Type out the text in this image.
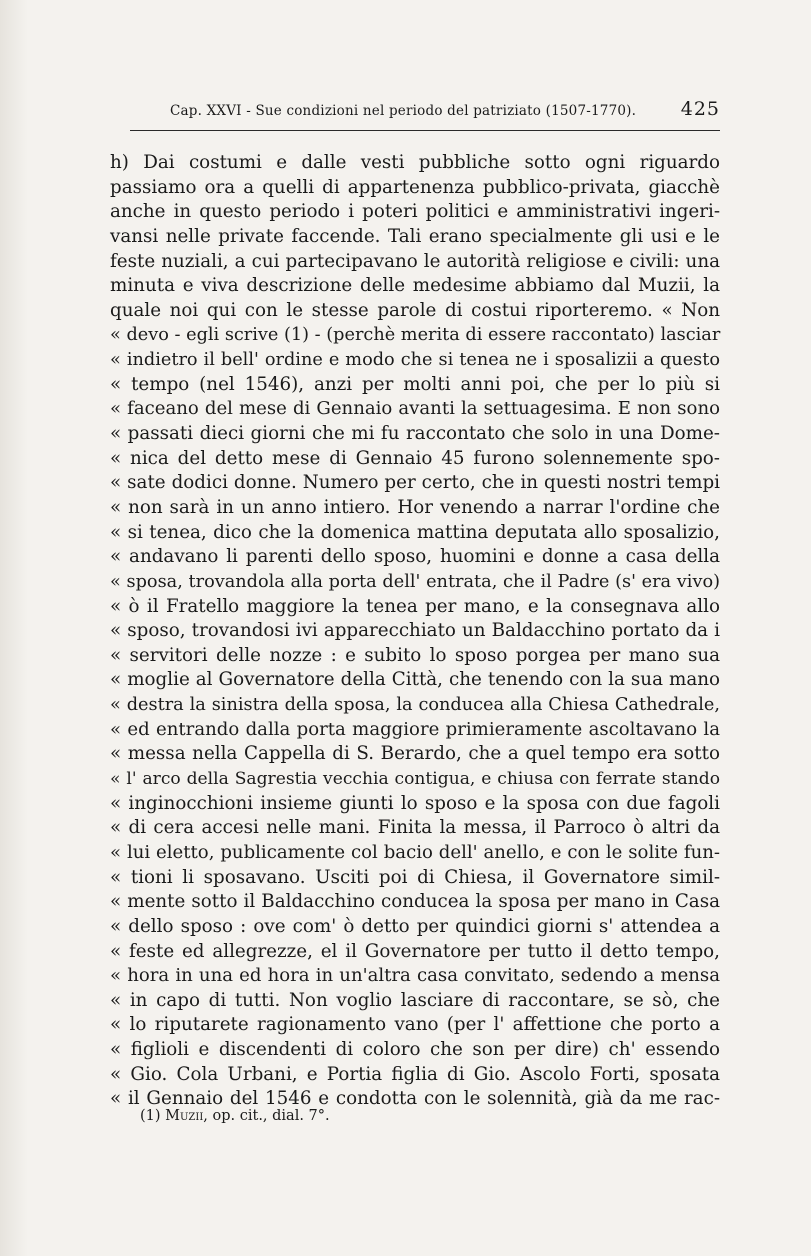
Cap. XXVI - Sue condizioni nel periodo del patriziato (1507-1770). 425
h) Dai costumi e dalle vesti pubbliche sotto ogni riguardo
passiamo ora a quelli di appartenenza pubblico-privata, giacchè
anche in questo periodo i poteri politici e amministrativi ingeri-
vansi nelle private faccende. Tali erano specialmente gli usi e le
feste nuziali, a cui partecipavano le autorità religiose e civili: una
minuta e viva descrizione delle medesime abbiamo dal Muzii, la
quale noi qui con le stesse parole di costui riporteremo. « Non
« devo - egli scrive (1) - (perchè merita di essere raccontato) lasciar
« indietro il bell' ordine e modo che si tenea ne i sposalizii a questo
« tempo (nel 1546), anzi per molti anni poi, che per lo più si
« faceano del mese di Gennaio avanti la settuagesima. E non sono
« passati dieci giorni che mi fu raccontato che solo in una Dome-
« nica del detto mese di Gennaio 45 furono solennemente spo-
« sate dodici donne. Numero per certo, che in questi nostri tempi
« non sarà in un anno intiero. Hor venendo a narrar l'ordine che
« si tenea, dico che la domenica mattina deputata allo sposalizio,
« andavano li parenti dello sposo, huomini e donne a casa della
« sposa, trovandola alla porta dell' entrata, che il Padre (s' era vivo)
« ò il Fratello maggiore la tenea per mano, e la consegnava allo
« sposo, trovandosi ivi apparecchiato un Baldacchino portato da i
« servitori delle nozze : e subito lo sposo porgea per mano sua
« moglie al Governatore della Città, che tenendo con la sua mano
« destra la sinistra della sposa, la conducea alla Chiesa Cathedrale,
« ed entrando dalla porta maggiore primieramente ascoltavano la
« messa nella Cappella di S. Berardo, che a quel tempo era sotto
« l' arco della Sagrestia vecchia contigua, e chiusa con ferrate stando
« inginocchioni insieme giunti lo sposo e la sposa con due fagoli
« di cera accesi nelle mani. Finita la messa, il Parroco ò altri da
« lui eletto, publicamente col bacio dell' anello, e con le solite fun-
« tioni li sposavano. Usciti poi di Chiesa, il Governatore simil-
« mente sotto il Baldacchino conducea la sposa per mano in Casa
« dello sposo : ove com' ò detto per quindici giorni s' attendea a
« feste ed allegrezze, el il Governatore per tutto il detto tempo,
« hora in una ed hora in un'altra casa convitato, sedendo a mensa
« in capo di tutti. Non voglio lasciare di raccontare, se sò, che
« lo riputarete ragionamento vano (per l' affettione che porto a
« figlioli e discendenti di coloro che son per dire) ch' essendo
« Gio. Cola Urbani, e Portia figlia di Gio. Ascolo Forti, sposata
« il Gennaio del 1546 e condotta con le solennità, già da me rac-
(1) Muzii, op. cit., dial. 7°.
